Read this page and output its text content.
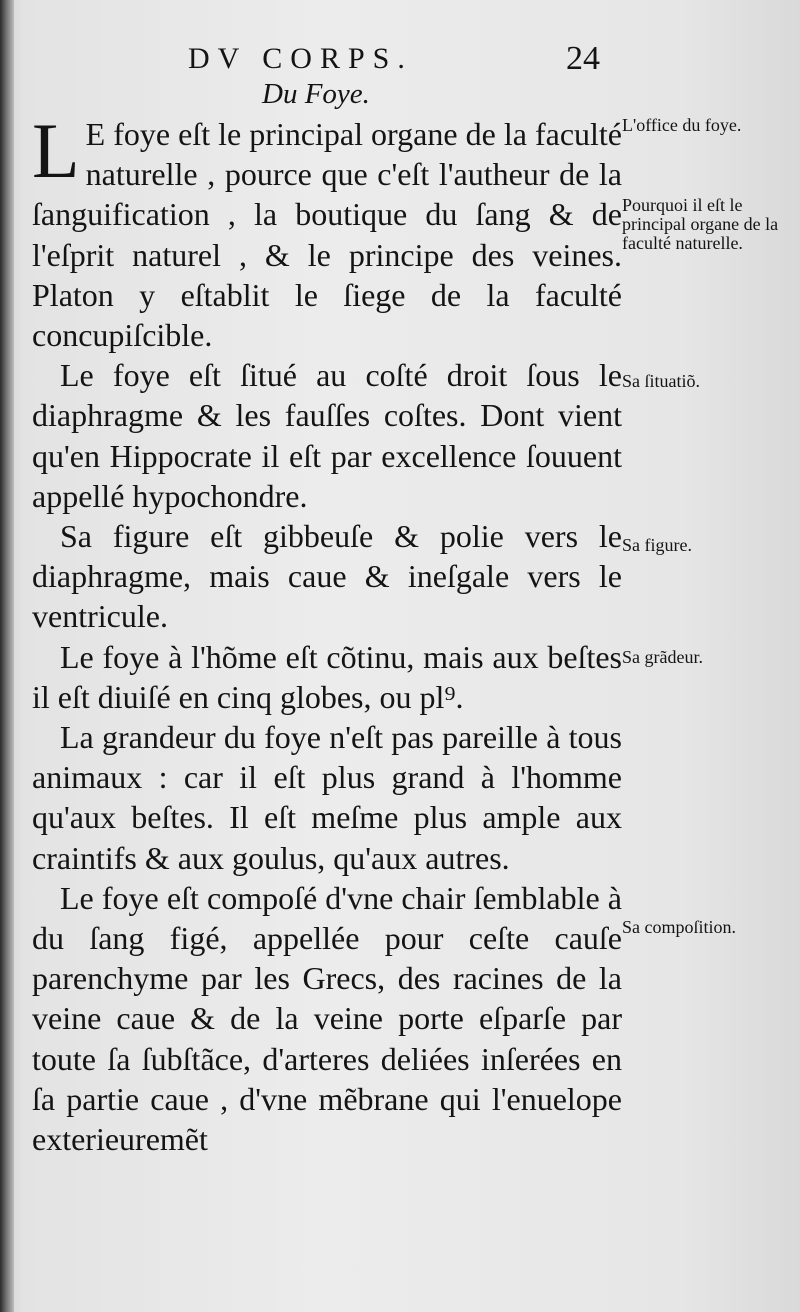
DV CORPS.	24
Du Foye.

L E foye eſt le principal organe de la faculté naturelle , pource que c'eſt l'autheur de la ſanguification , la boutique du ſang & de l'eſprit naturel , & le principe des veines. Platon y eſtablit le ſiege de la faculté concupiſcible.

Le foye eſt ſitué au coſté droit ſous le diaphragme & les fauſſes coſtes. Dont vient qu'en Hippocrate il eſt par excellence ſouuent appellé hypochondre.

Sa figure eſt gibbeuſe & polie vers le diaphragme, mais caue & ineſgale vers le ventricule.

Le foye à l'hõme eſt cõtinu, mais aux beſtes il eſt diuiſé en cinq globes, ou pl⁹.

La grandeur du foye n'eſt pas pareille à tous animaux : car il eſt plus grand à l'homme qu'aux beſtes. Il eſt meſme plus ample aux craintifs & aux goulus, qu'aux autres.

Le foye eſt compoſé d'vne chair ſemblable à du ſang figé, appellée pour ceſte cauſe parenchyme par les Grecs, des racines de la veine caue & de la veine porte eſparſe par toute ſa ſubſtãce, d'arteres deliées inſerées en ſa partie caue , d'vne mẽbrane qui l'enuelope exterieuremẽt

L'office du foye.
Pourquoi il eſt le principal organe de la faculté naturelle.
Sa ſituatiõ.
Sa figure.
Sa grãdeur.
Sa compoſition.
